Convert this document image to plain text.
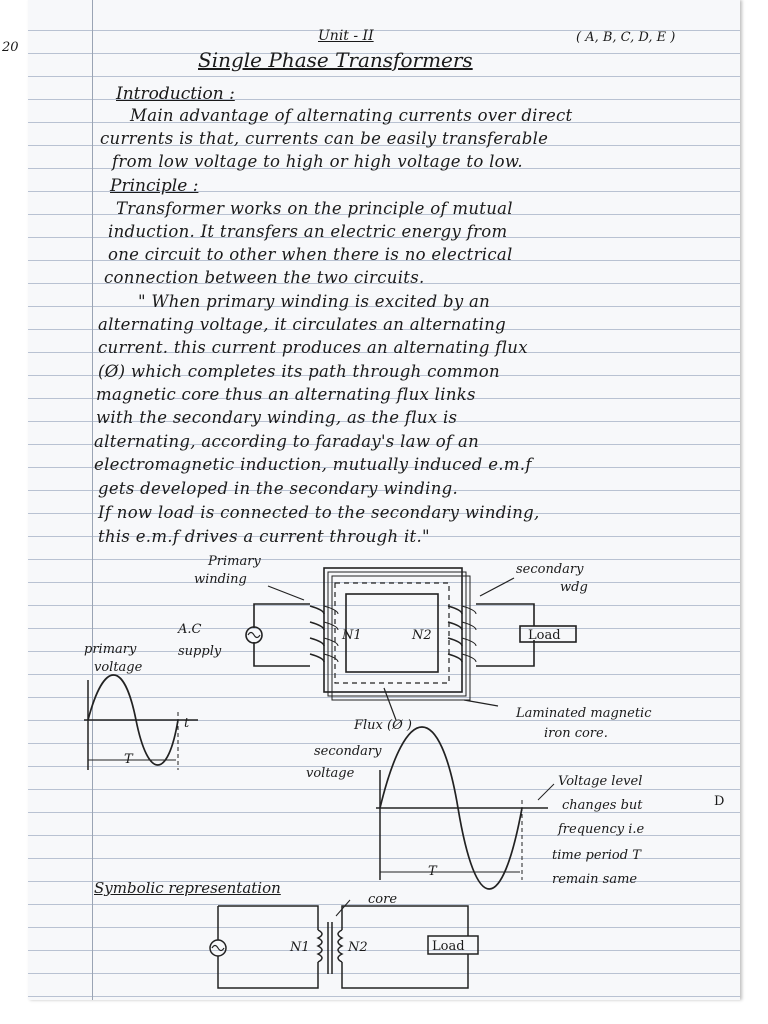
20
Unit - II	( A, B, C, D, E )
Single Phase Transformers
Introduction :
Main advantage of alternating currents over direct
currents is that, currents can be easily transferable
from low voltage to high or high voltage to low.
Principle :
Transformer works on the principle of mutual
induction. It transfers an electric energy from
one circuit to other when there is no electrical
connection between the two circuits.
" When primary winding is excited by an
alternating voltage, it circulates an alternating
current. this current produces an alternating flux
(Ø) which completes its path through common
magnetic core thus an alternating flux links
with the secondary winding, as the flux is
alternating, according to faraday's law of an
electromagnetic induction, mutually induced e.m.f
gets developed in the secondary winding.
If now load is connected to the secondary winding,
this e.m.f drives a current through it."
Primary
winding
secondary
wdg
A.C
supply
N1	N2	Load
Flux (Ø )
Laminated magnetic
iron core.
primary
voltage
t
T
secondary
voltage
T
Voltage level
changes but
frequency i.e
time period T
remain same
D
Symbolic representation
core
N1	N2	Load
